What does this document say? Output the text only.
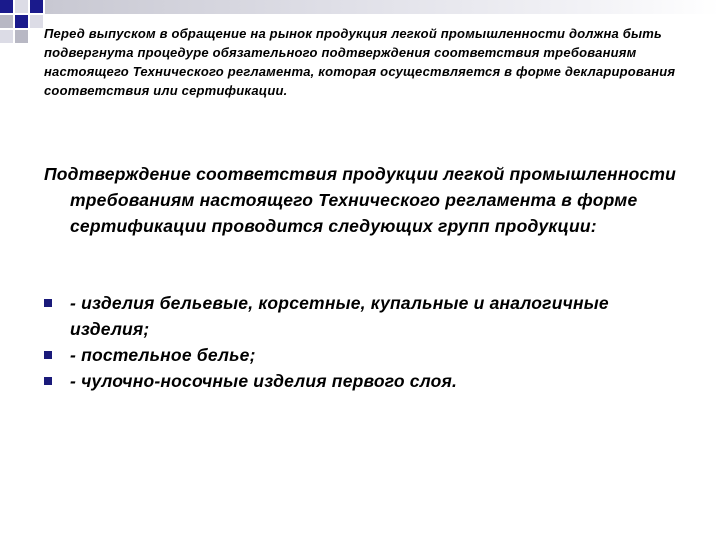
Перед выпуском в обращение на рынок продукция легкой промышленности должна быть подвергнута процедуре обязательного подтверждения соответствия требованиям настоящего Технического регламента, которая осуществляется в форме декларирования соответствия или сертификации.
Подтверждение соответствия продукции легкой промышленности требованиям настоящего Технического регламента в форме сертификации проводится следующих групп продукции:
- изделия бельевые, корсетные, купальные и аналогичные изделия;
- постельное белье;
- чулочно-носочные изделия первого слоя.
